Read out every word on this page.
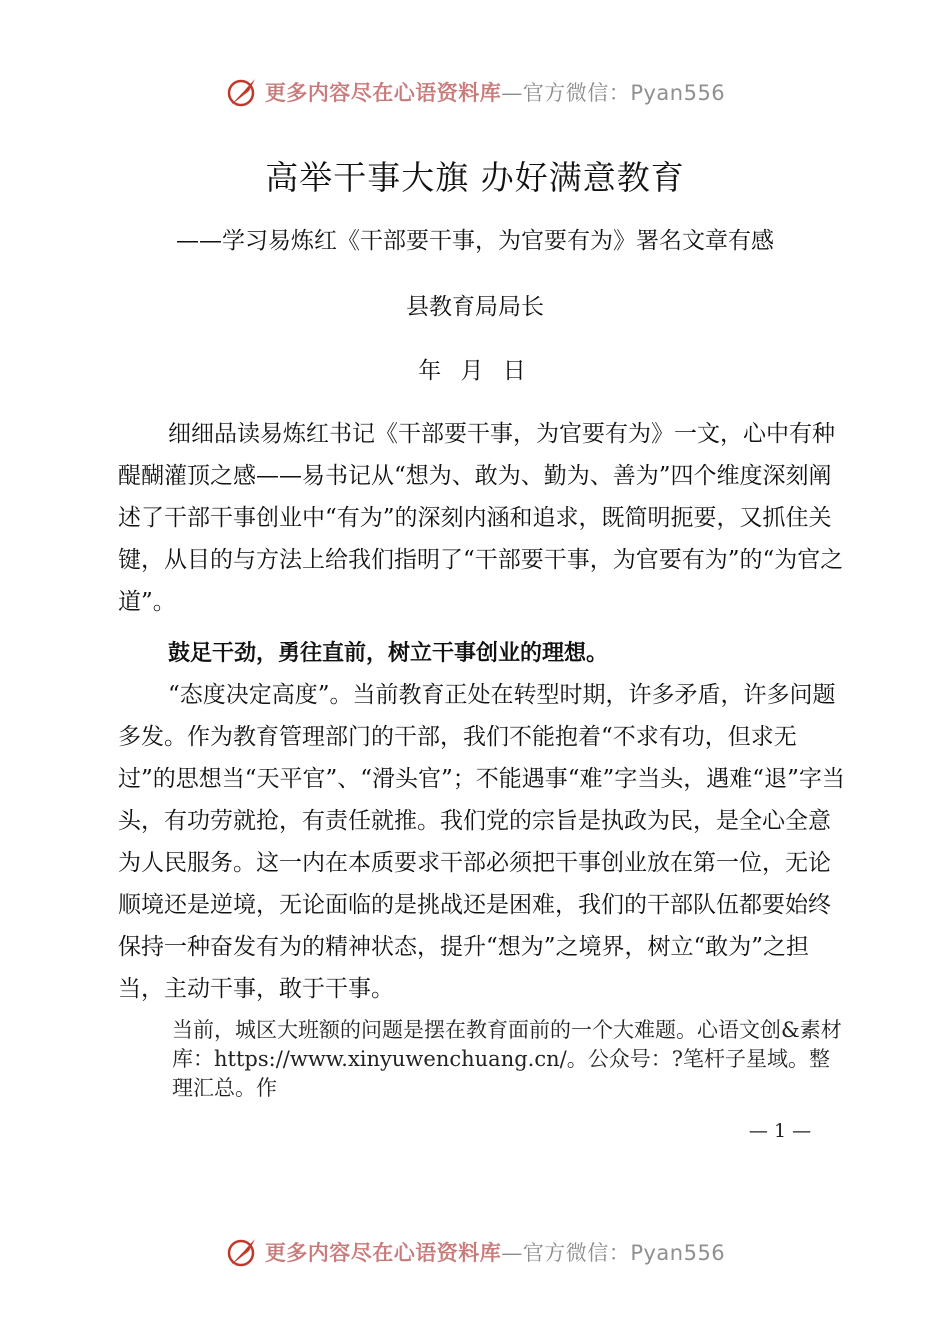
更多内容尽在心语资料库—官方微信：Pyan556
高举干事大旗 办好满意教育
——学习易炼红《干部要干事，为官要有为》署名文章有感
县教育局局长
年 月 日
细细品读易炼红书记《干部要干事，为官要有为》一文，心中有种醍醐灌顶之感——易书记从“想为、敢为、勤为、善为”四个维度深刻阐述了干部干事创业中“有为”的深刻内涵和追求，既简明扼要，又抓住关键，从目的与方法上给我们指明了“干部要干事，为官要有为”的“为官之道”。
鼓足干劲，勇往直前，树立干事创业的理想。
“态度决定高度”。当前教育正处在转型时期，许多矛盾，许多问题多发。作为教育管理部门的干部，我们不能抱着“不求有功，但求无过”的思想当“天平官”、“滑头官”；不能遇事“难”字当头，遇难“退”字当头，有功劳就抢，有责任就推。我们党的宗旨是执政为民，是全心全意为人民服务。这一内在本质要求干部必须把干事创业放在第一位，无论顺境还是逆境，无论面临的是挑战还是困难，我们的干部队伍都要始终保持一种奋发有为的精神状态，提升“想为”之境界，树立“敢为”之担当，主动干事，敢于干事。
当前，城区大班额的问题是摆在教育面前的一个大难题。心语文创&素材库：https://www.xinyuwenchuang.cn/。公众号：?笔杆子星域。整理汇总。作
— 1 —
更多内容尽在心语资料库—官方微信：Pyan556
